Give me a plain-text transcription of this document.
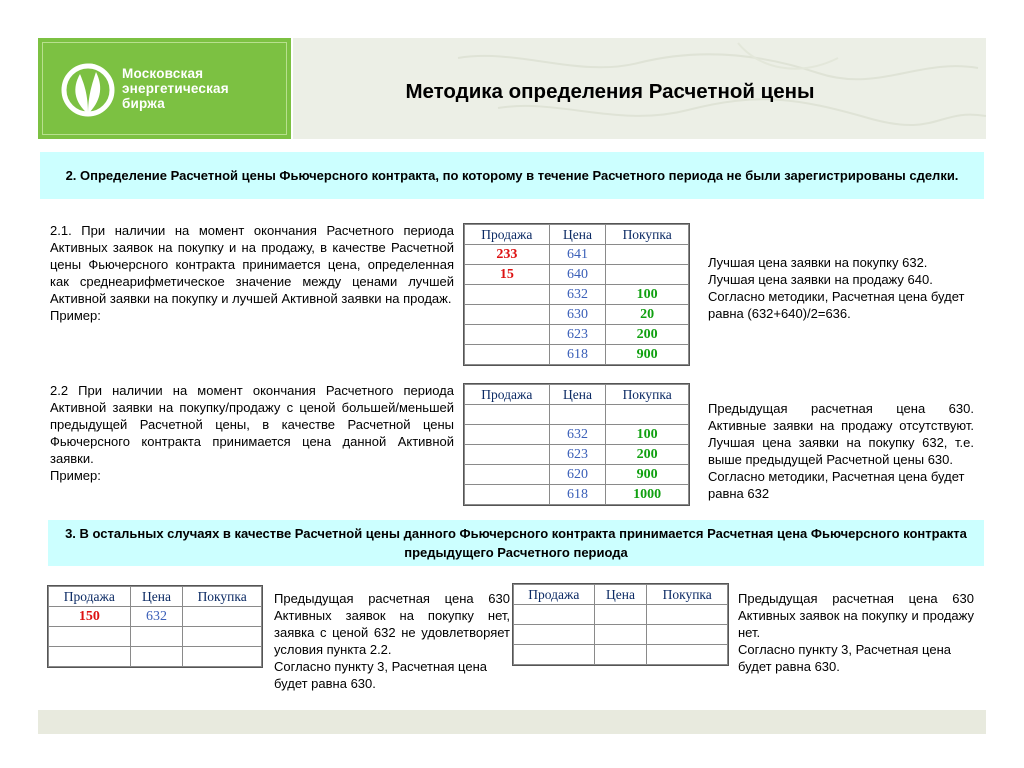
Московская
энергетическая
биржа
Методика определения Расчетной цены
2. Определение Расчетной цены Фьючерсного контракта, по которому в течение Расчетного периода не были зарегистрированы сделки.

2.1. При наличии на момент окончания Расчетного периода Активных заявок на покупку и на продажу, в качестве Расчетной цены Фьючерсного контракта принимается цена, определенная как среднеарифметическое значение между ценами лучшей Активной заявки на покупку и лучшей Активной заявки на продаж.

Пример:

Продажа	Цена	Покупка
233	641	
15	640	
	632	100
	630	20
	623	200
	618	900

Лучшая цена заявки на покупку 632.

Лучшая цена заявки на продажу 640.

Согласно методики, Расчетная цена будет равна (632+640)/2=636.

2.2 При наличии на момент окончания Расчетного периода Активной заявки на покупку/продажу с ценой большей/меньшей предыдущей Расчетной цены, в качестве Расчетной цены Фьючерсного контракта принимается цена данной Активной заявки.

Пример:

Продажа	Цена	Покупка

	632	100
	623	200
	620	900
	618	1000

Предыдущая расчетная цена 630. Активные заявки на продажу отсутствуют. Лучшая цена заявки на покупку 632, т.е. выше предыдущей Расчетной цены 630.

Согласно методики, Расчетная цена будет равна 632

3. В остальных случаях в качестве Расчетной цены данного Фьючерсного контракта принимается Расчетная цена Фьючерсного контракта предыдущего Расчетного периода
Продажа	Цена	Покупка
150	632	

Предыдущая расчетная цена 630 Активных заявок на покупку нет, заявка с ценой 632 не удовлетворяет условия пункта 2.2.

Согласно пункту 3, Расчетная цена будет равна 630.

Продажа	Цена	Покупка

		Предыдущая расчетная цена 630 Активных заявок на покупку и продажу нет.

Согласно пункту 3, Расчетная цена будет равна 630.
